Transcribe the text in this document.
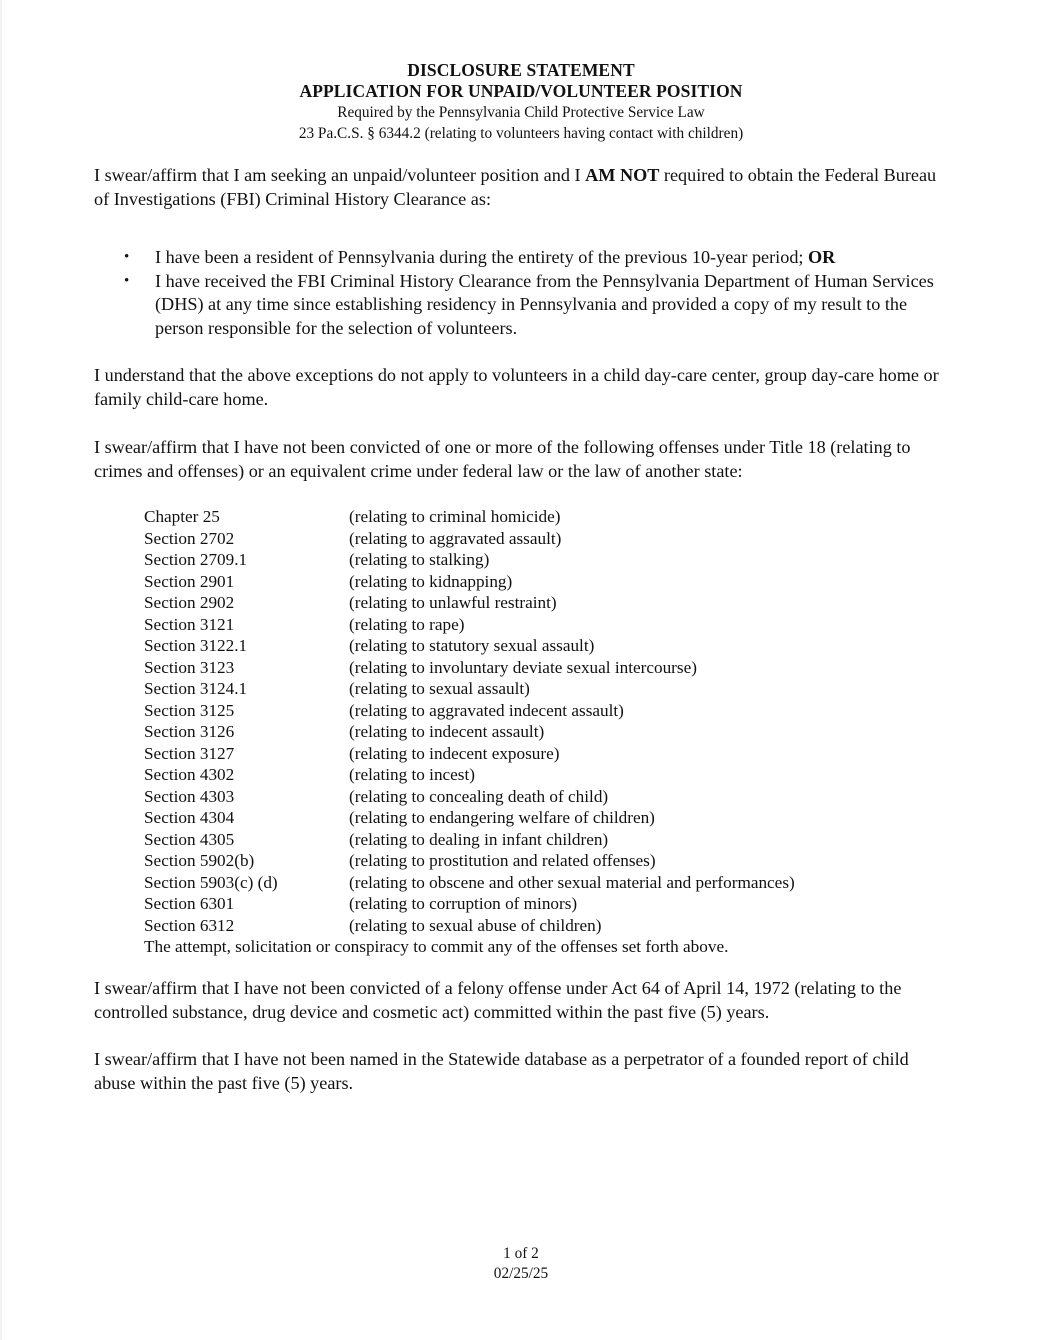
DISCLOSURE STATEMENT
APPLICATION FOR UNPAID/VOLUNTEER POSITION
Required by the Pennsylvania Child Protective Service Law
23 Pa.C.S. § 6344.2 (relating to volunteers having contact with children)

I swear/affirm that I am seeking an unpaid/volunteer position and I AM NOT required to obtain the Federal Bureau of Investigations (FBI) Criminal History Clearance as:

• I have been a resident of Pennsylvania during the entirety of the previous 10-year period; OR
• I have received the FBI Criminal History Clearance from the Pennsylvania Department of Human Services (DHS) at any time since establishing residency in Pennsylvania and provided a copy of my result to the person responsible for the selection of volunteers.

I understand that the above exceptions do not apply to volunteers in a child day-care center, group day-care home or family child-care home.

I swear/affirm that I have not been convicted of one or more of the following offenses under Title 18 (relating to crimes and offenses) or an equivalent crime under federal law or the law of another state:

Chapter 25	(relating to criminal homicide)
Section 2702	(relating to aggravated assault)
Section 2709.1	(relating to stalking)
Section 2901	(relating to kidnapping)
Section 2902	(relating to unlawful restraint)
Section 3121	(relating to rape)
Section 3122.1	(relating to statutory sexual assault)
Section 3123	(relating to involuntary deviate sexual intercourse)
Section 3124.1	(relating to sexual assault)
Section 3125	(relating to aggravated indecent assault)
Section 3126	(relating to indecent assault)
Section 3127	(relating to indecent exposure)
Section 4302	(relating to incest)
Section 4303	(relating to concealing death of child)
Section 4304	(relating to endangering welfare of children)
Section 4305	(relating to dealing in infant children)
Section 5902(b)	(relating to prostitution and related offenses)
Section 5903(c) (d)	(relating to obscene and other sexual material and performances)
Section 6301	(relating to corruption of minors)
Section 6312	(relating to sexual abuse of children)
The attempt, solicitation or conspiracy to commit any of the offenses set forth above.

I swear/affirm that I have not been convicted of a felony offense under Act 64 of April 14, 1972 (relating to the controlled substance, drug device and cosmetic act) committed within the past five (5) years.

I swear/affirm that I have not been named in the Statewide database as a perpetrator of a founded report of child abuse within the past five (5) years.

1 of 2
02/25/25
